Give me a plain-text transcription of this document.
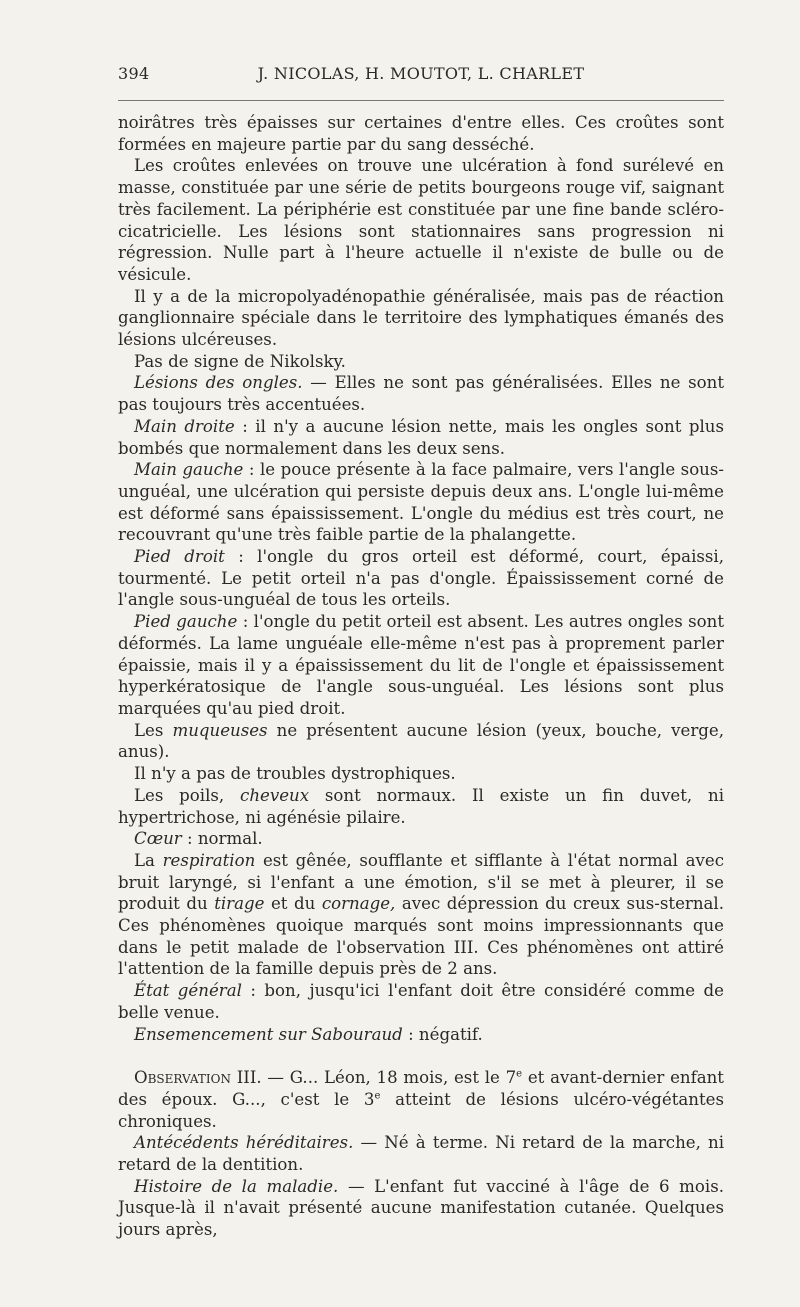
394	J. NICOLAS, H. MOUTOT, L. CHARLET

noirâtres très épaisses sur certaines d'entre elles. Ces croûtes sont formées en majeure partie par du sang desséché.

Les croûtes enlevées on trouve une ulcération à fond surélevé en masse, constituée par une série de petits bourgeons rouge vif, saignant très facilement. La périphérie est constituée par une fine bande scléro-cicatricielle. Les lésions sont stationnaires sans progression ni régression. Nulle part à l'heure actuelle il n'existe de bulle ou de vésicule.

Il y a de la micropolyadénopathie généralisée, mais pas de réaction ganglionnaire spéciale dans le territoire des lymphatiques émanés des lésions ulcéreuses.

Pas de signe de Nikolsky.

Lésions des ongles. — Elles ne sont pas généralisées. Elles ne sont pas toujours très accentuées.

Main droite : il n'y a aucune lésion nette, mais les ongles sont plus bombés que normalement dans les deux sens.

Main gauche : le pouce présente à la face palmaire, vers l'angle sous-unguéal, une ulcération qui persiste depuis deux ans. L'ongle lui-même est déformé sans épaississement. L'ongle du médius est très court, ne recouvrant qu'une très faible partie de la phalangette.

Pied droit : l'ongle du gros orteil est déformé, court, épaissi, tourmenté. Le petit orteil n'a pas d'ongle. Épaississement corné de l'angle sous-unguéal de tous les orteils.

Pied gauche : l'ongle du petit orteil est absent. Les autres ongles sont déformés. La lame unguéale elle-même n'est pas à proprement parler épaissie, mais il y a épaississement du lit de l'ongle et épaississement hyperkératosique de l'angle sous-unguéal. Les lésions sont plus marquées qu'au pied droit.

Les muqueuses ne présentent aucune lésion (yeux, bouche, verge, anus).

Il n'y a pas de troubles dystrophiques.

Les poils, cheveux sont normaux. Il existe un fin duvet, ni hypertrichose, ni agénésie pilaire.

Cœur : normal.

La respiration est gênée, soufflante et sifflante à l'état normal avec bruit laryngé, si l'enfant a une émotion, s'il se met à pleurer, il se produit du tirage et du cornage, avec dépression du creux sus-sternal. Ces phénomènes quoique marqués sont moins impressionnants que dans le petit malade de l'observation III. Ces phénomènes ont attiré l'attention de la famille depuis près de 2 ans.

État général : bon, jusqu'ici l'enfant doit être considéré comme de belle venue.

Ensemencement sur Sabouraud : négatif.

Observation III. — G... Léon, 18 mois, est le 7e et avant-dernier enfant des époux. G..., c'est le 3e atteint de lésions ulcéro-végétantes chroniques.

Antécédents héréditaires. — Né à terme. Ni retard de la marche, ni retard de la dentition.

Histoire de la maladie. — L'enfant fut vacciné à l'âge de 6 mois. Jusque-là il n'avait présenté aucune manifestation cutanée. Quelques jours après,
